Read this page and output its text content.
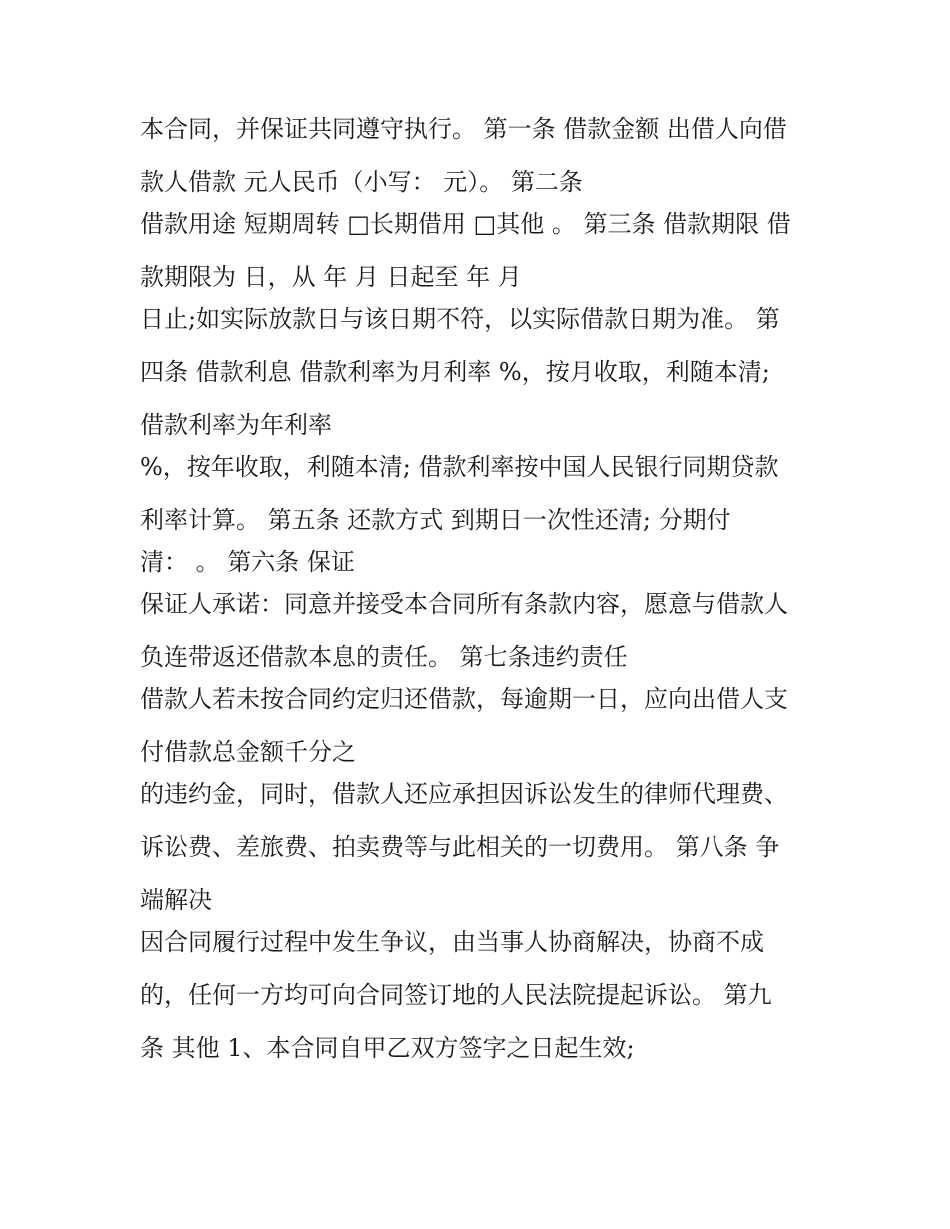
本合同，并保证共同遵守执行。 第一条 借款金额 出借人向借

款人借款 元人民币（小写： 元）。 第二条

借款用途 短期周转 □长期借用 □其他 。 第三条 借款期限 借

款期限为 日，从 年 月 日起至 年 月

日止;如实际放款日与该日期不符，以实际借款日期为准。 第

四条 借款利息 借款利率为月利率 %，按月收取，利随本清;

借款利率为年利率

%，按年收取，利随本清; 借款利率按中国人民银行同期贷款

利率计算。 第五条 还款方式 到期日一次性还清; 分期付

清： 。 第六条 保证

保证人承诺：同意并接受本合同所有条款内容，愿意与借款人

负连带返还借款本息的责任。 第七条违约责任

借款人若未按合同约定归还借款，每逾期一日，应向出借人支

付借款总金额千分之

的违约金，同时，借款人还应承担因诉讼发生的律师代理费、

诉讼费、差旅费、拍卖费等与此相关的一切费用。 第八条 争

端解决

因合同履行过程中发生争议，由当事人协商解决，协商不成

的，任何一方均可向合同签订地的人民法院提起诉讼。 第九

条 其他 1、本合同自甲乙双方签字之日起生效;
